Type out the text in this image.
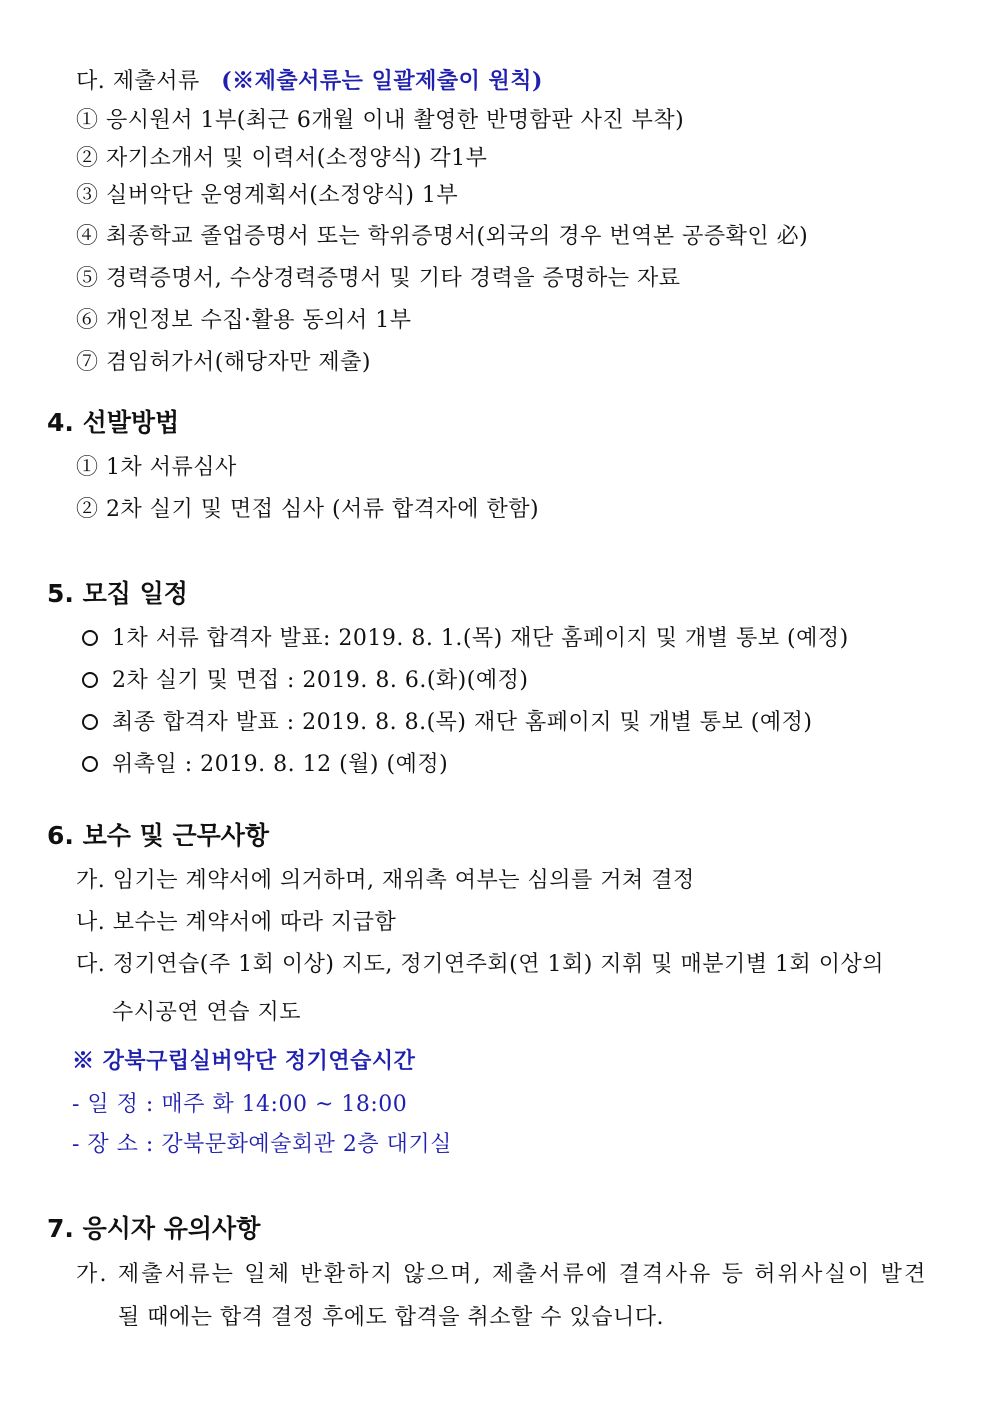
다. 제출서류 (※제출서류는 일괄제출이 원칙)
① 응시원서 1부(최근 6개월 이내 촬영한 반명함판 사진 부착)
② 자기소개서 및 이력서(소정양식) 각1부
③ 실버악단 운영계획서(소정양식) 1부
④ 최종학교 졸업증명서 또는 학위증명서(외국의 경우 번역본 공증확인 必)
⑤ 경력증명서, 수상경력증명서 및 기타 경력을 증명하는 자료
⑥ 개인정보 수집·활용 동의서 1부
⑦ 겸임허가서(해당자만 제출)
4. 선발방법
① 1차 서류심사
② 2차 실기 및 면접 심사 (서류 합격자에 한함)
5. 모집 일정
1차 서류 합격자 발표: 2019. 8. 1.(목) 재단 홈페이지 및 개별 통보 (예정)
2차 실기 및 면접 : 2019. 8. 6.(화)(예정)
최종 합격자 발표 : 2019. 8. 8.(목) 재단 홈페이지 및 개별 통보 (예정)
위촉일 : 2019. 8. 12 (월) (예정)
6. 보수 및 근무사항
가. 임기는 계약서에 의거하며, 재위촉 여부는 심의를 거쳐 결정
나. 보수는 계약서에 따라 지급함
다. 정기연습(주 1회 이상) 지도, 정기연주회(연 1회) 지휘 및 매분기별 1회 이상의
수시공연 연습 지도
※ 강북구립실버악단 정기연습시간
- 일 정 : 매주 화 14:00 ~ 18:00
- 장 소 : 강북문화예술회관 2층 대기실
7. 응시자 유의사항
가. 제출서류는 일체 반환하지 않으며, 제출서류에 결격사유 등 허위사실이 발견
될 때에는 합격 결정 후에도 합격을 취소할 수 있습니다.
